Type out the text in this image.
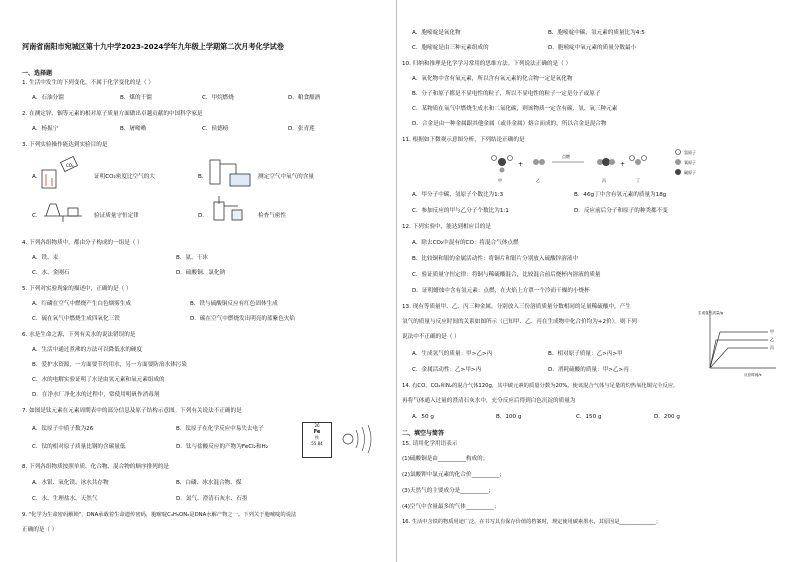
河南省南阳市宛城区第十九中学2023-2024学年九年级上学期第二次月考化学试卷
一、选择题
1. 生活中发生的下列变化，不属于化学变化的是（ ）
A．石油分馏	B．煤的干馏	C．甲烷燃烧	D．粮食酿酒
2. 在测定锌、铟等元素的相对原子质量方面做出卓越贡献的中国科学家是
A．杨振宁	B．屠呦呦	C．侯德榜	D．张青莲
3. 下列实验操作能达到实验目的是
A.
CO₂
证明CO₂密度比空气的大	B.	测定空气中氧气的含量
C.	验证质量守恒定律	D.	检查气密性
4. 下列各组物质中，都由分子构成的一组是（ ）
A．铁、汞	B．氨、干冰
C．水、金刚石	D．硫酸铜、氯化钠
5. 下列对实验现象的描述中，正确的是（ ）
A．红磷在空气中燃烧产生白色烟雾生成	B．铁与硫酸铜反应有红色固体生成
C．硫在氧气中燃烧生成四氧化三铁	D．碳在空气中燃烧发出明亮的蓝紫色火焰
6. 水是生命之源，下列有关水的说法错误的是
A．生活中通过煮沸的方法可以降低水的硬度
B．爱护水资源，一方面要节约用水，另一方面要防治水体污染
C．水的电解实验证明了水是由氢元素和氧元素组成的
D．在净水厂净化水的过程中，常使用明矾作消毒剂
7. 如图是钛元素在元素周期表中的部分信息及原子结构示意图。下列有关说法不正确的是
A．钛原子中质子数为26	B．钛原子在化学反应中易失去电子
C．钛的相对原子质量比钢的含碳量低	D．钛与盐酸反应的产物为FeCl₂和H₂
26
Fe
铁
55.84
8. 下列各组物质按照单质、化合物、混合物的顺序排列的是
A．水银、氧化镁、冰水共存物	B．白磷、冰水混合物、煤
C．水、生理盐水、天然气	D．氮气、澄清石灰水、石墨
9. "化学为生命密码解锁"，DNA承载着生命遗传密码，胞嘧啶C₄H₅ON₃是DNA水解产物之一。下列关于胞嘧啶的说法
正确的是（ ）
A．胞嘧啶是氧化物	B．胞嘧啶中碳、氢元素的质量比为4:5
C．胞嘧啶是由三种元素组成的	D．胞嘧啶中氧元素的质量分数最小
10. 归纳和推理是化学学习常用的思维方法。下列说法正确的是（ ）
A．氧化物中含有氧元素，所以含有氧元素的化合物一定是氧化物
B．分子和原子都是不显电性的粒子，所以不显电性的粒子一定是分子或原子
C．某物质在氧气中燃烧生成水和二氧化碳，则该物质一定含有碳、氢、氧三种元素
D．合金是由一种金属跟其他金属（或非金属）熔合而成的，所以合金是混合物
11. 根据如下微观示意图分析，下列结论正确的是
甲
+
乙
点燃
丙
+
丁
氢原子
氧原子
碳原子
A．甲分子中碳、氢原子个数比为1:3	B．46g丁中含有氢元素的质量为18g
C．参加反应的甲与乙分子个数比为1:1	D．反应前后分子和原子的种类都不变
12. 下列实验中，能达到相应目的是
A．除去CO₂中混有的CO：将混合气体点燃
B．比较铜和银的金属活动性：将铜片和银片分别放入硫酸锌溶液中
C．验证质量守恒定律：将铜与稀硫酸混合，比较混合前后烧杯内溶液的质量
D．证明蜡烛中含有氢元素：点燃，在火焰上方罩一个冷而干燥的小烧杯
13. 现有等质量甲、乙、丙三种金属，分别放入三份溶质质量分数相同的足量稀硫酸中，产生
氢气的质量与反应时间的关系如图所示（已知甲、乙、丙在生成物中化合价均为+2价）。则下列
说法中不正确的是（ ）
A．生成氢气的质量：甲>乙>丙	B．相对原子质量：乙>丙>甲
C．金属活动性：乙>甲>丙	D．消耗硫酸的质量：甲>乙>丙
生成氢气质量/g
反应时间/s
甲
乙
丙
14. 有CO、CO₂和N₂的混合气体120g，其中碳元素的质量分数为20%。使该混合气体与足量的灼热氧化铜完全反应，
再将气体通入过量的澄清石灰水中，充分反应后得到白色沉淀的质量为
A．50 g	B．100 g	C．150 g	D．200 g
二、填空与简答
15. 请用化学用语表示
(1)硫酸铜是由__________构成的；
(2)氯酸钾中氯元素的化合价__________；
(3)天然气的主要成分是__________；
(4)空气中含量最多的气体__________；
16. 生活中含铁的物质用途广泛，在书写具有保存价值的档案时，规定使用碳素墨水，其原因是______________；
